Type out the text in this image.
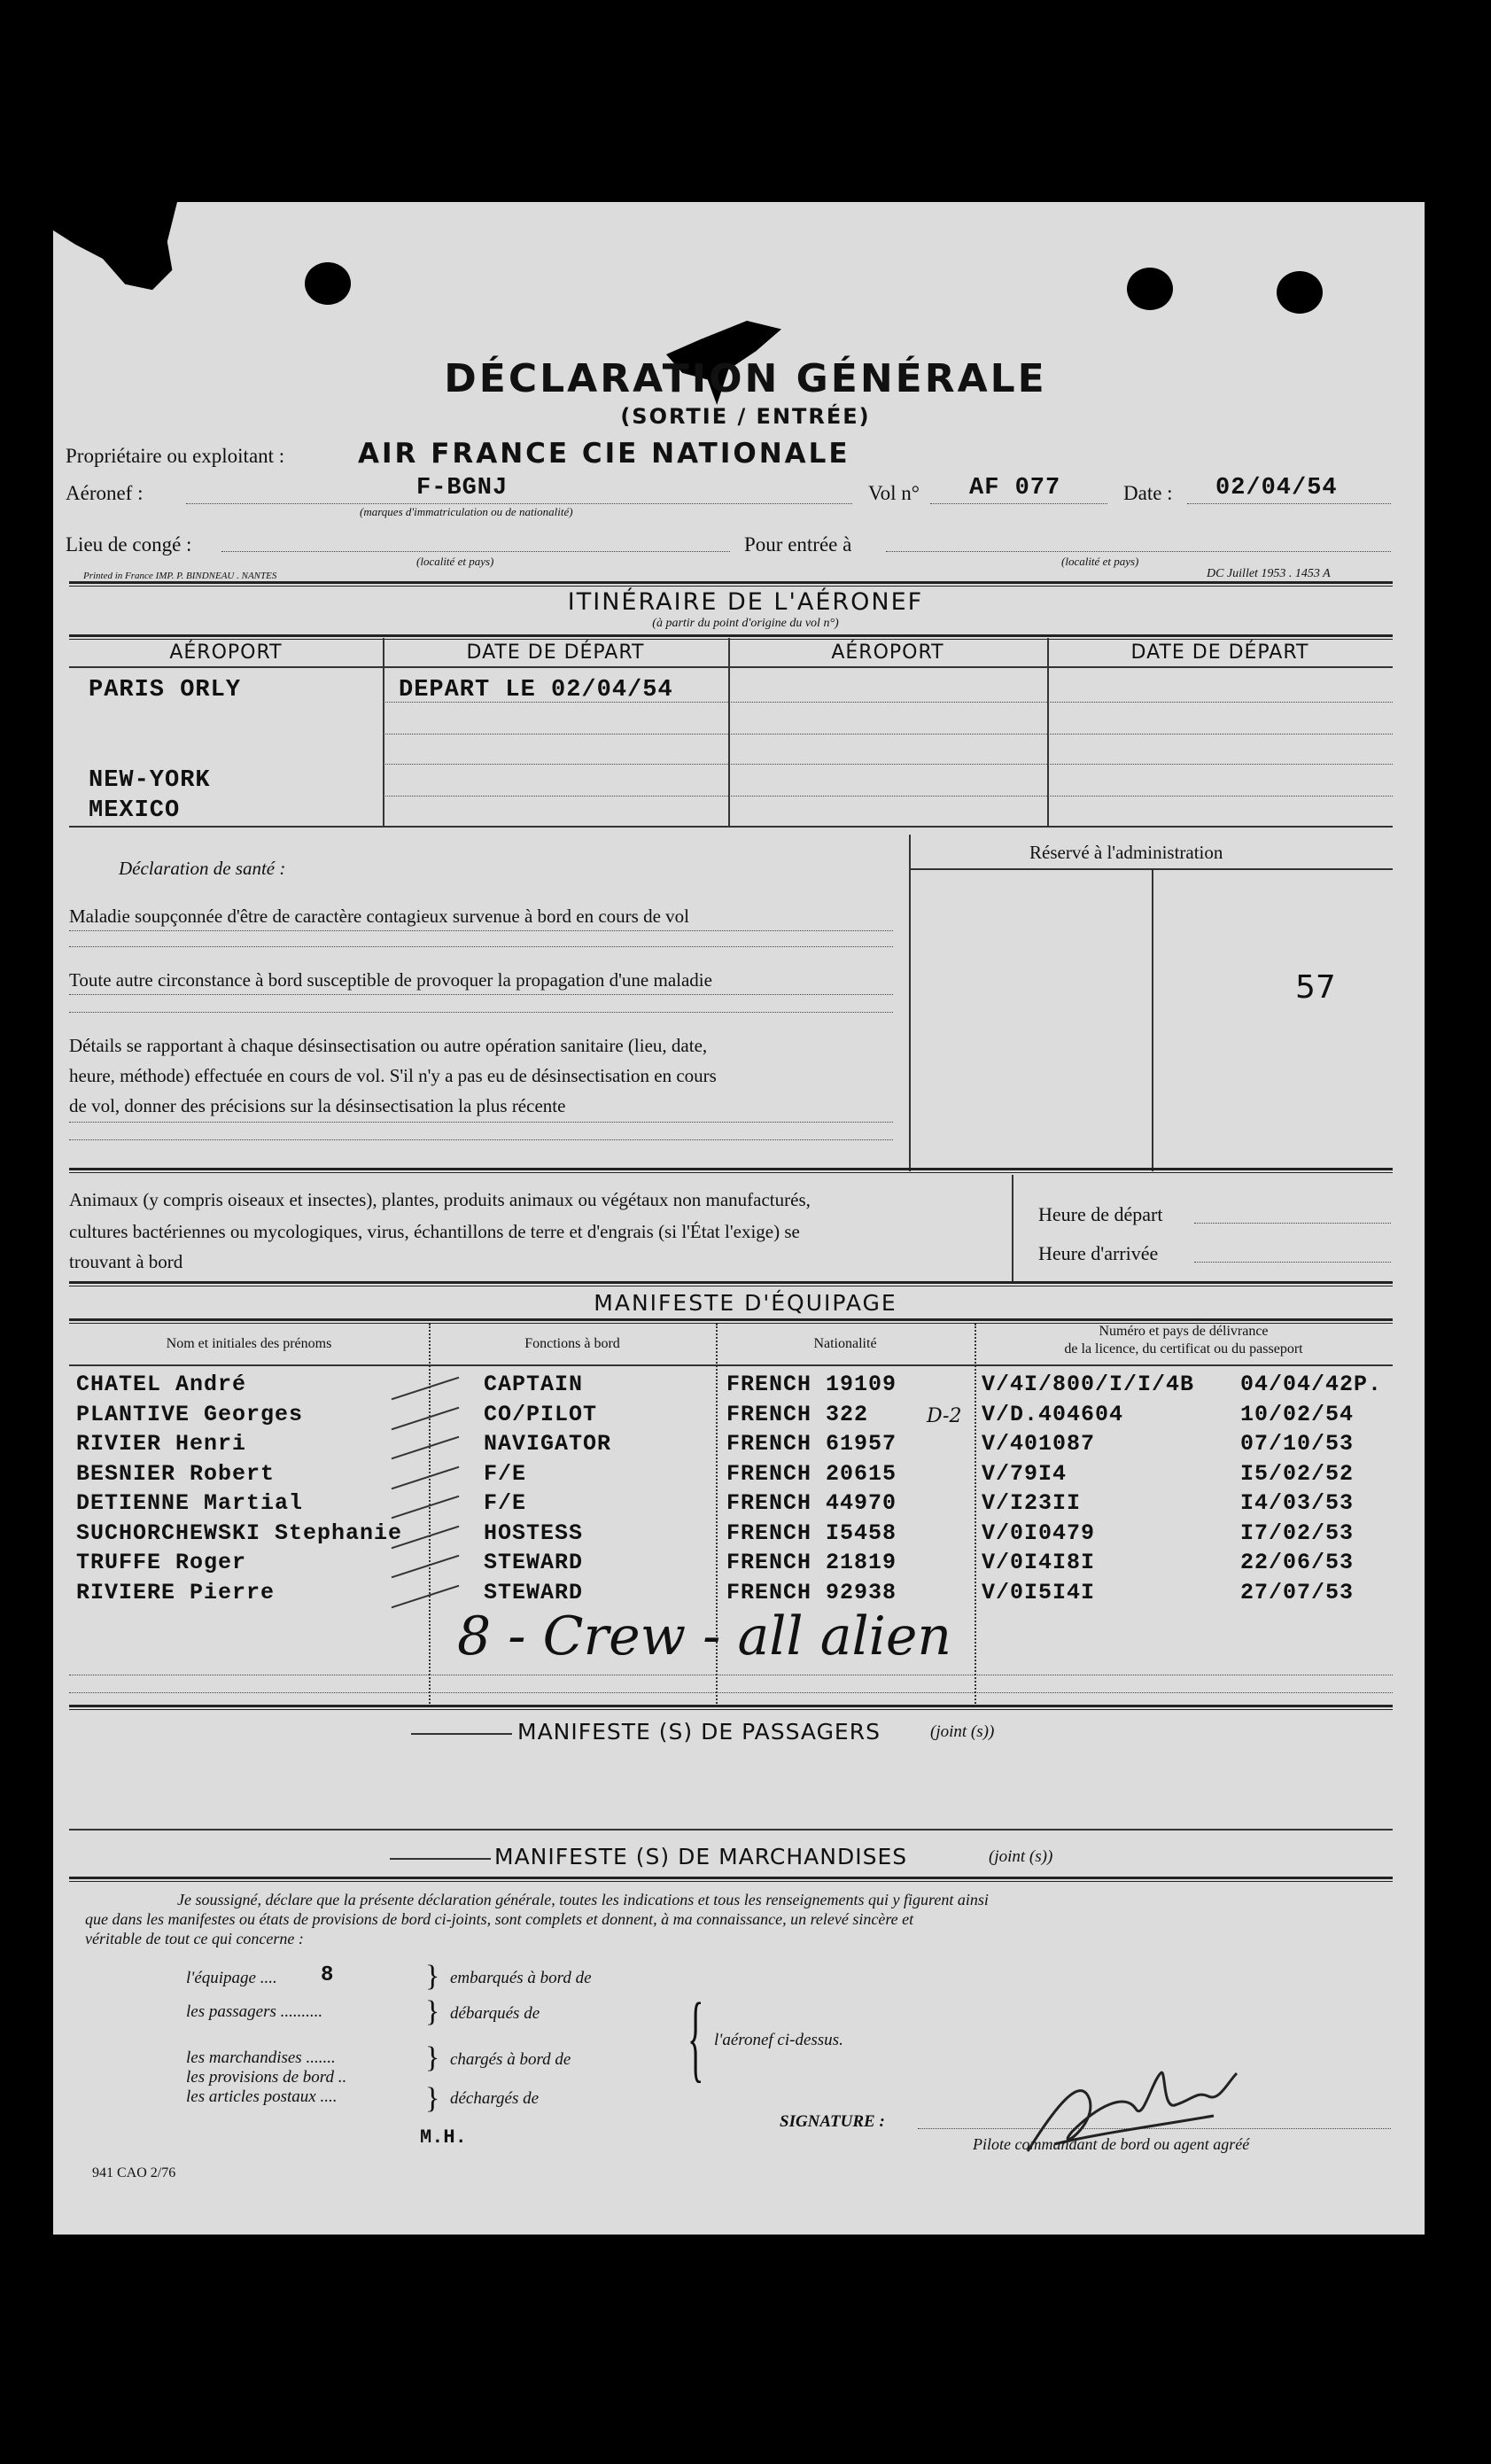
DÉCLARATION GÉNÉRALE
(SORTIE / ENTRÉE)
Propriétaire ou exploitant :	AIR FRANCE CIE NATIONALE
Aéronef :	F-BGNJ
(marques d'immatriculation ou de nationalité)
Vol n° AF 077	Date : 02/04/54
Lieu de congé :
(localité et pays)
Pour entrée à
(localité et pays)
Printed in France IMP. P. BINDNEAU . NANTES	DC Juillet 1953 . 1453 A
ITINÉRAIRE DE L'AÉRONEF
(à partir du point d'origine du vol n°)
AÉROPORT	DATE DE DÉPART	AÉROPORT	DATE DE DÉPART
PARIS ORLY	DEPART LE 02/04/54
NEW-YORK
MEXICO
Déclaration de santé :
Maladie soupçonnée d'être de caractère contagieux survenue à bord en cours de vol
Toute autre circonstance à bord susceptible de provoquer la propagation d'une maladie
Détails se rapportant à chaque désinsectisation ou autre opération sanitaire (lieu, date,
heure, méthode) effectuée en cours de vol. S'il n'y a pas eu de désinsectisation en cours
de vol, donner des précisions sur la désinsectisation la plus récente
Réservé à l'administration
57
Animaux (y compris oiseaux et insectes), plantes, produits animaux ou végétaux non manufacturés,
cultures bactériennes ou mycologiques, virus, échantillons de terre et d'engrais (si l'État l'exige) se
trouvant à bord
Heure de départ
Heure d'arrivée
MANIFESTE D'ÉQUIPAGE
Nom et initiales des prénoms	Fonctions à bord	Nationalité
Numéro et pays de délivrance
de la licence, du certificat ou du passeport
CHATEL André	CAPTAIN	FRENCH 19109	V/4I/800/I/I/4B 04/04/42P.
PLANTIVE Georges	CO/PILOT	FRENCH 322	V/D.404604	10/02/54
RIVIER Henri	NAVIGATOR	FRENCH 61957	V/401087	07/10/53
BESNIER Robert	F/E	FRENCH 20615	V/79I4	I5/02/52
DETIENNE Martial	F/E	FRENCH 44970	V/I23II	I4/03/53
SUCHORCHEWSKI Stephanie	HOSTESS	FRENCH I5458	V/0I0479	I7/02/53
TRUFFE Roger	STEWARD	FRENCH 21819	V/0I4I8I	22/06/53
RIVIERE Pierre	STEWARD	FRENCH 92938	V/0I5I4I	27/07/53
8 - Crew - all alien
D-2
MANIFESTE (S) DE PASSAGERS	(joint (s))
MANIFESTE (S) DE MARCHANDISES	(joint (s))
Je soussigné, déclare que la présente déclaration générale, toutes les indications et tous les renseignements qui y figurent ainsi
que dans les manifestes ou états de provisions de bord ci-joints, sont complets et donnent, à ma connaissance, un relevé sincère et
véritable de tout ce qui concerne :
l'équipage .... 8
les passagers ..........
les marchandises .......
les provisions de bord ..
les articles postaux ....
}
}
}
}
embarqués à bord de
débarqués de
chargés à bord de
déchargés de
{ l'aéronef ci-dessus.
M.H.
SIGNATURE :
Pilote commandant de bord ou agent agréé
941 CAO 2/76
